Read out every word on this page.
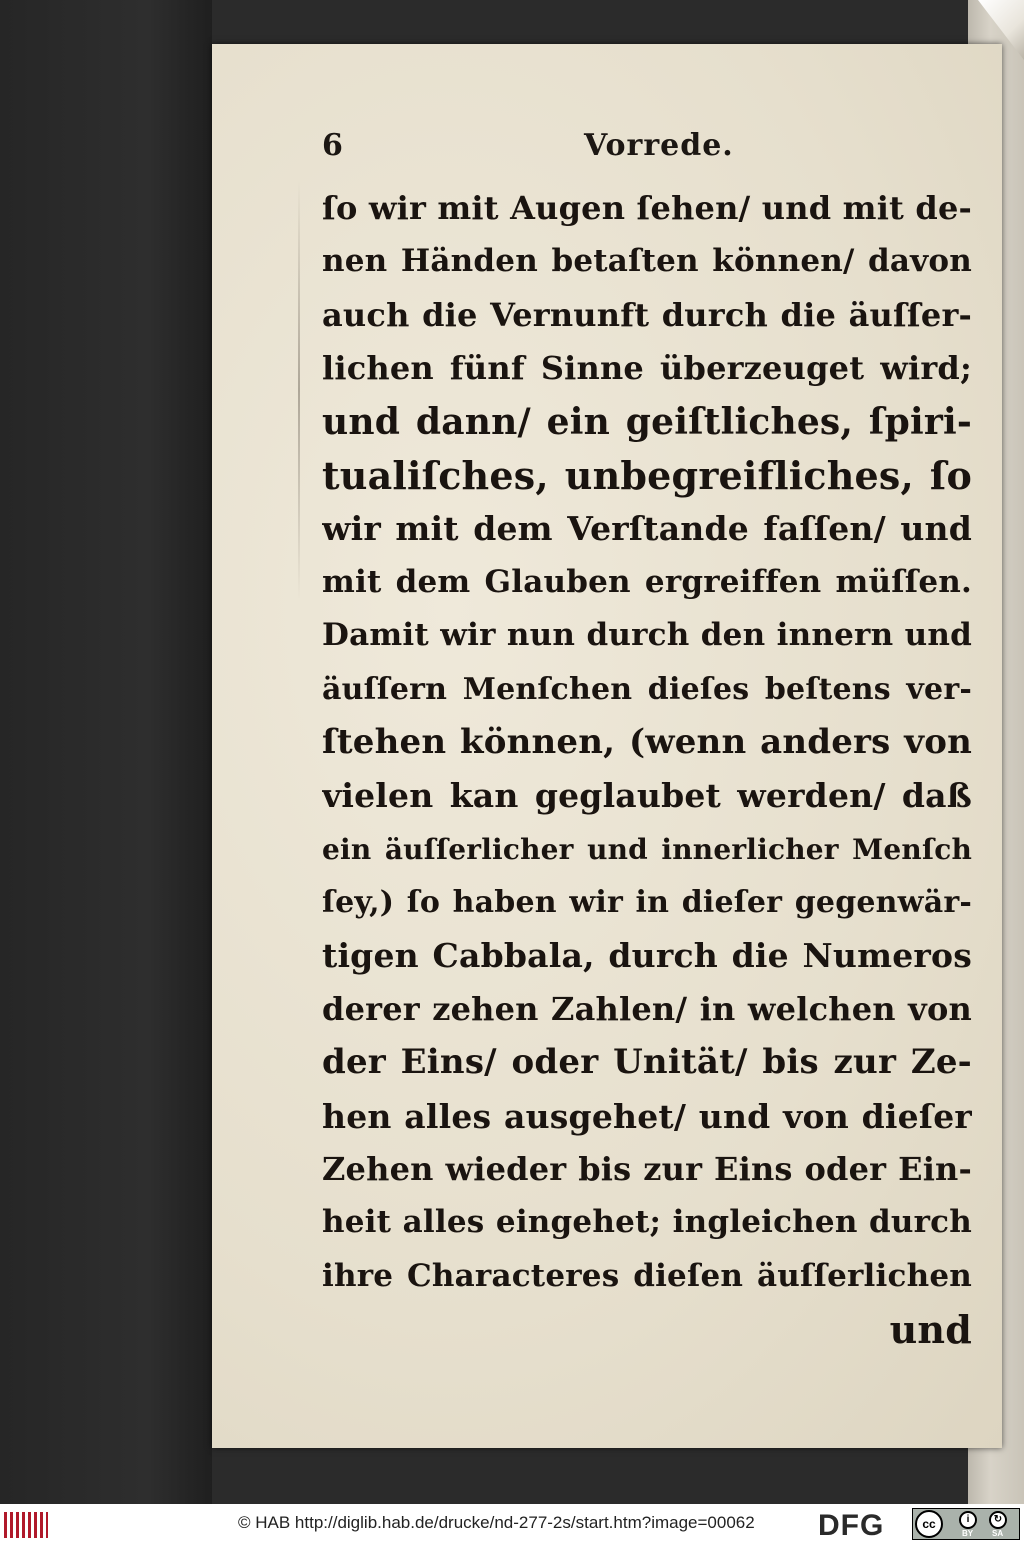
6	Vorrede.
ſo wir mit Augen ſehen/ und mit de-
nen Händen betaſten können/ davon
auch die Vernunft durch die äuſſer-
lichen fünf Sinne überzeuget wird;
und dann/ ein geiſtliches, ſpiri-
tualiſches, unbegreifliches, ſo
wir mit dem Verſtande faſſen/ und
mit dem Glauben ergreiffen müſſen.
Damit wir nun durch den innern und
äuſſern Menſchen dieſes beſtens ver-
ſtehen können, (wenn anders von
vielen kan geglaubet werden/ daß
ein äuſſerlicher und innerlicher Menſch
ſey,) ſo haben wir in dieſer gegenwär-
tigen Cabbala, durch die Numeros
derer zehen Zahlen/ in welchen von
der Eins/ oder Unität/ bis zur Ze-
hen alles ausgehet/ und von dieſer
Zehen wieder bis zur Eins oder Ein-
heit alles eingehet; ingleichen durch
ihre Characteres dieſen äuſſerlichen
und
© HAB http://diglib.hab.de/drucke/nd-277-2s/start.htm?image=00062 DFG	cc	i	↻
BY SA
